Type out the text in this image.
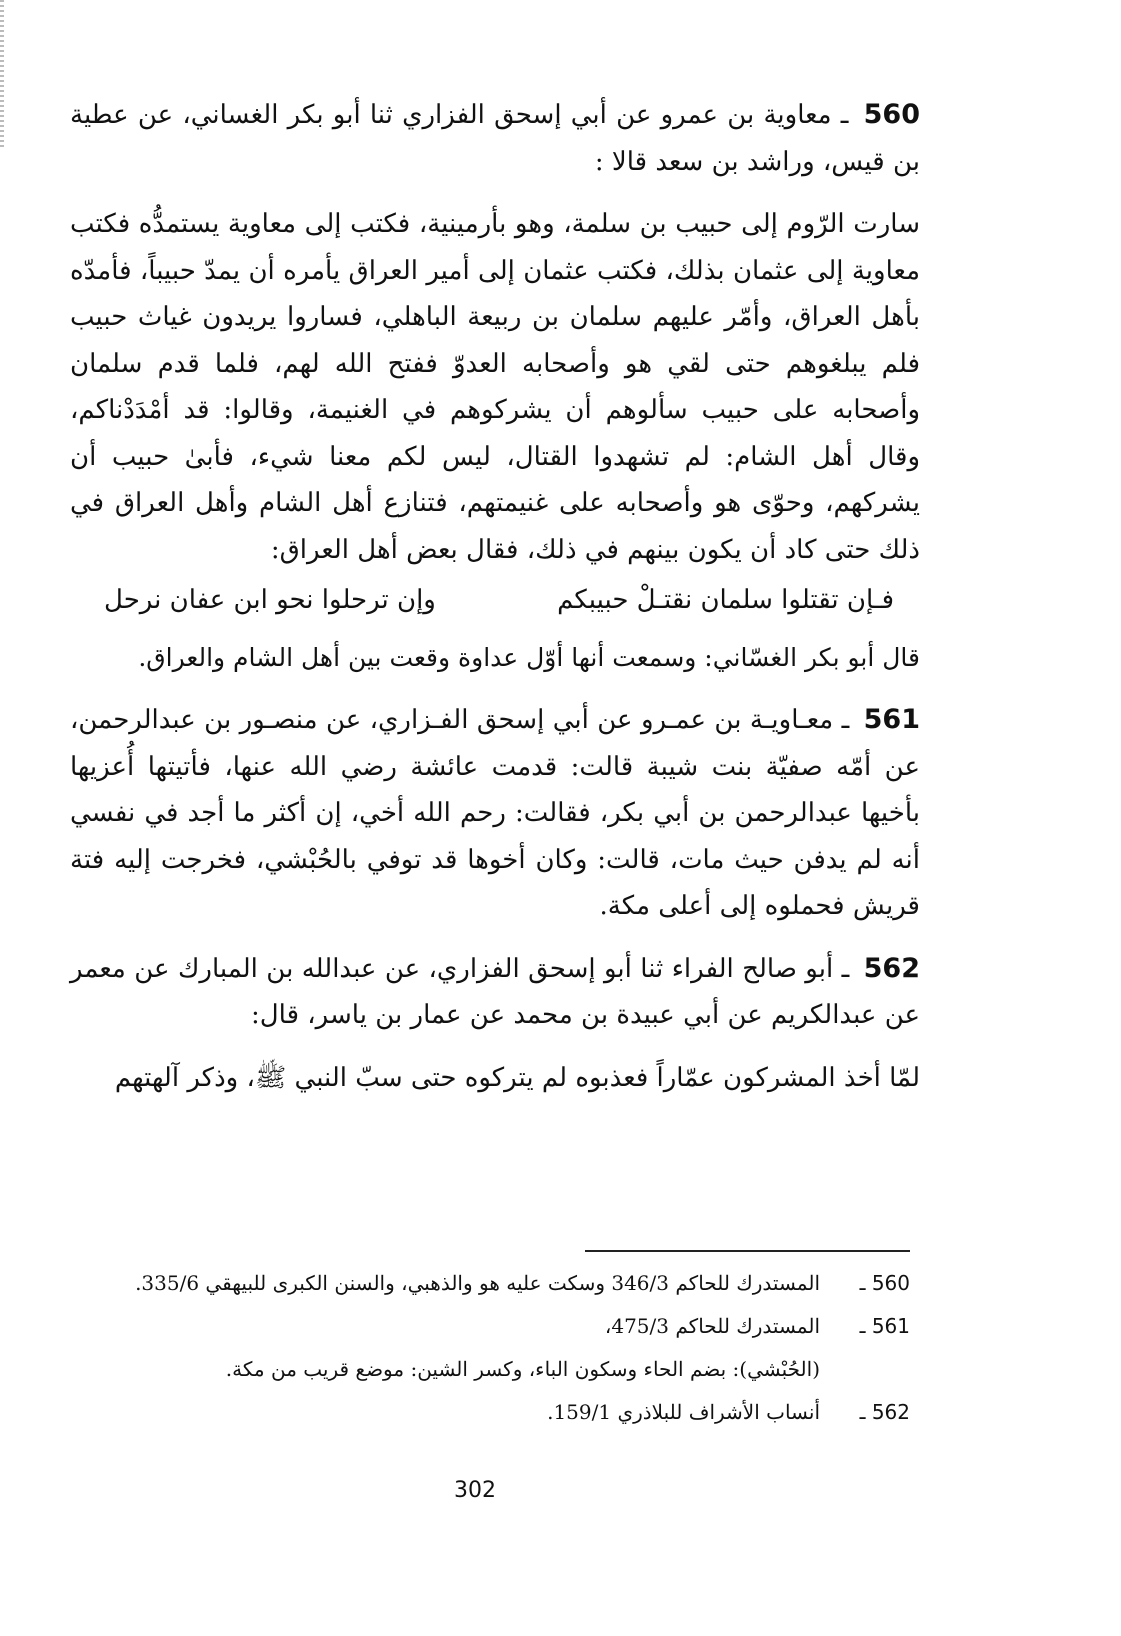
560 ـ معاوية بن عمرو عن أبي إسحق الفزاري ثنا أبو بكر الغساني، عن عطية بن قيس، وراشد بن سعد قالا :

سارت الرّوم إلى حبيب بن سلمة، وهو بأرمينية، فكتب إلى معاوية يستمدُّه فكتب معاوية إلى عثمان بذلك، فكتب عثمان إلى أمير العراق يأمره أن يمدّ حبيباً، فأمدّه بأهل العراق، وأمّر عليهم سلمان بن ربيعة الباهلي، فساروا يريدون غياث حبيب فلم يبلغوهم حتى لقي هو وأصحابه العدوّ ففتح الله لهم، فلما قدم سلمان وأصحابه على حبيب سألوهم أن يشركوهم في الغنيمة، وقالوا: قد أمْدَدْناكم، وقال أهل الشام: لم تشهدوا القتال، ليس لكم معنا شيء، فأبىٰ حبيب أن يشركهم، وحوّى هو وأصحابه على غنيمتهم، فتنازع أهل الشام وأهل العراق في ذلك حتى كاد أن يكون بينهم في ذلك، فقال بعض أهل العراق:

فـإن تقتلوا سلمان نقتـلْ حبيبكم
وإن ترحلوا نحو ابن عفان نرحل

قال أبو بكر الغسّاني: وسمعت أنها أوّل عداوة وقعت بين أهل الشام والعراق.

561 ـ معـاويـة بن عمـرو عن أبي إسحق الفـزاري، عن منصـور بن عبدالرحمن، عن أمّه صفيّة بنت شيبة قالت: قدمت عائشة رضي الله عنها، فأتيتها أُعزيها بأخيها عبدالرحمن بن أبي بكر، فقالت: رحم الله أخي، إن أكثر ما أجد في نفسي أنه لم يدفن حيث مات، قالت: وكان أخوها قد توفي بالحُبْشي، فخرجت إليه فتة قريش فحملوه إلى أعلى مكة.

562 ـ أبو صالح الفراء ثنا أبو إسحق الفزاري، عن عبدالله بن المبارك عن معمر عن عبدالكريم عن أبي عبيدة بن محمد عن عمار بن ياسر، قال:

لمّا أخذ المشركون عمّاراً فعذبوه لم يتركوه حتى سبّ النبي ﷺ، وذكر آلهتهم

560 ـ
المستدرك للحاكم 346/3 وسكت عليه هو والذهبي، والسنن الكبرى للبيهقي 335/6.
561 ـ
المستدرك للحاكم 475/3،
(الحُبْشي): بضم الحاء وسكون الباء، وكسر الشين: موضع قريب من مكة.
562 ـ
أنساب الأشراف للبلاذري 159/1.
302
